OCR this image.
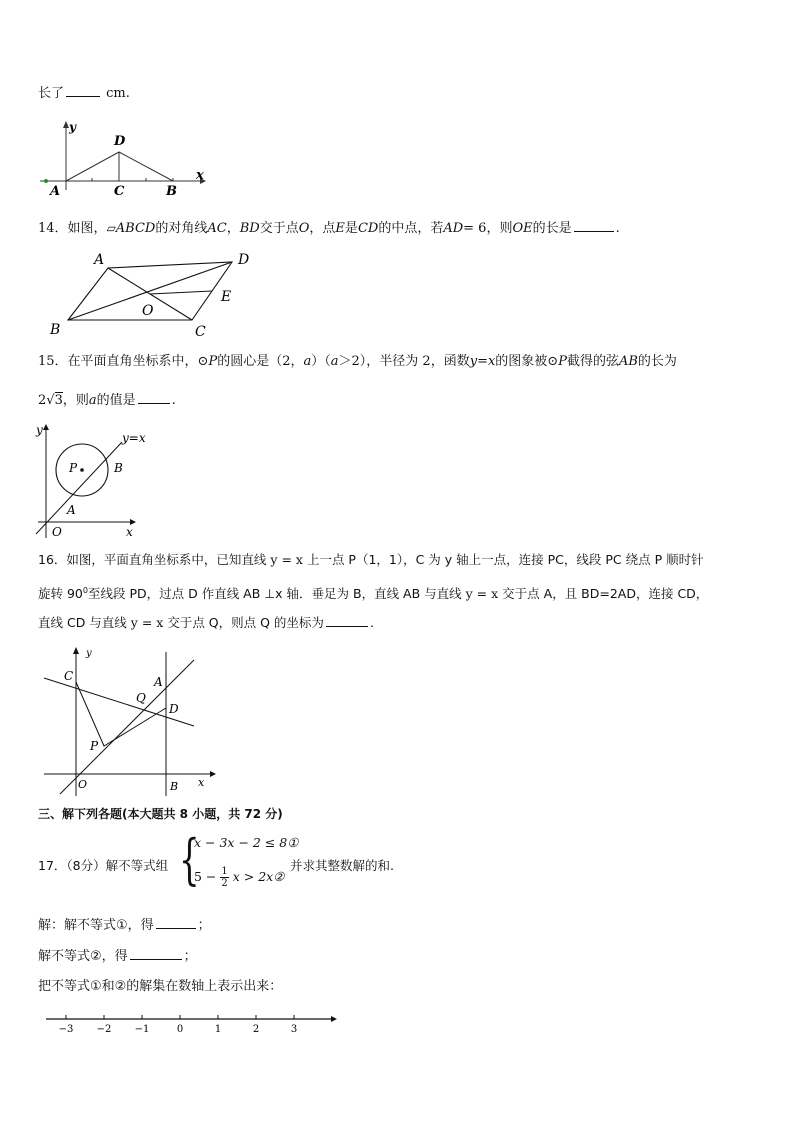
长了	cm.
y
D
x
A	C	B
14．如图，▱ABCD的对角线AC，BD交于点O，点E是CD的中点，若AD= 6，则OE的长是	.
A	D
E
O
B	C
15．在平面直角坐标系中，⊙P的圆心是（2，a）（a＞2），半径为 2，函数y=x的图象被⊙P截得的弦AB的长为
2√3，则a的值是	.
y
y=x
P	B
A
O	x
16．如图，平面直角坐标系中，已知直线 y = x 上一点 P（1，1），C 为 y 轴上一点，连接 PC，线段 PC 绕点 P 顺时针
旋转 $90^0$至线段 PD，过点 D 作直线 AB ⊥x 轴．垂足为 B，直线 AB 与直线 y = x 交于点 A，且 BD=2AD，连接 CD，
直线 CD 与直线 y = x 交于点 Q，则点 Q 的坐标为	.
y
C	A
Q
D
P
O	B x
三、解下列各题(本大题共 8 小题，共 72 分)
17．（8分）解不等式组 {
x − 3x − 2 ≤ 8①
$5 - \frac{1}{2}$ x > 2x②
并求其整数解的和.
解：解不等式①，得	；
解不等式②，得	；
把不等式①和②的解集在数轴上表示出来：
−3 −2 −1	0	1	2	3
